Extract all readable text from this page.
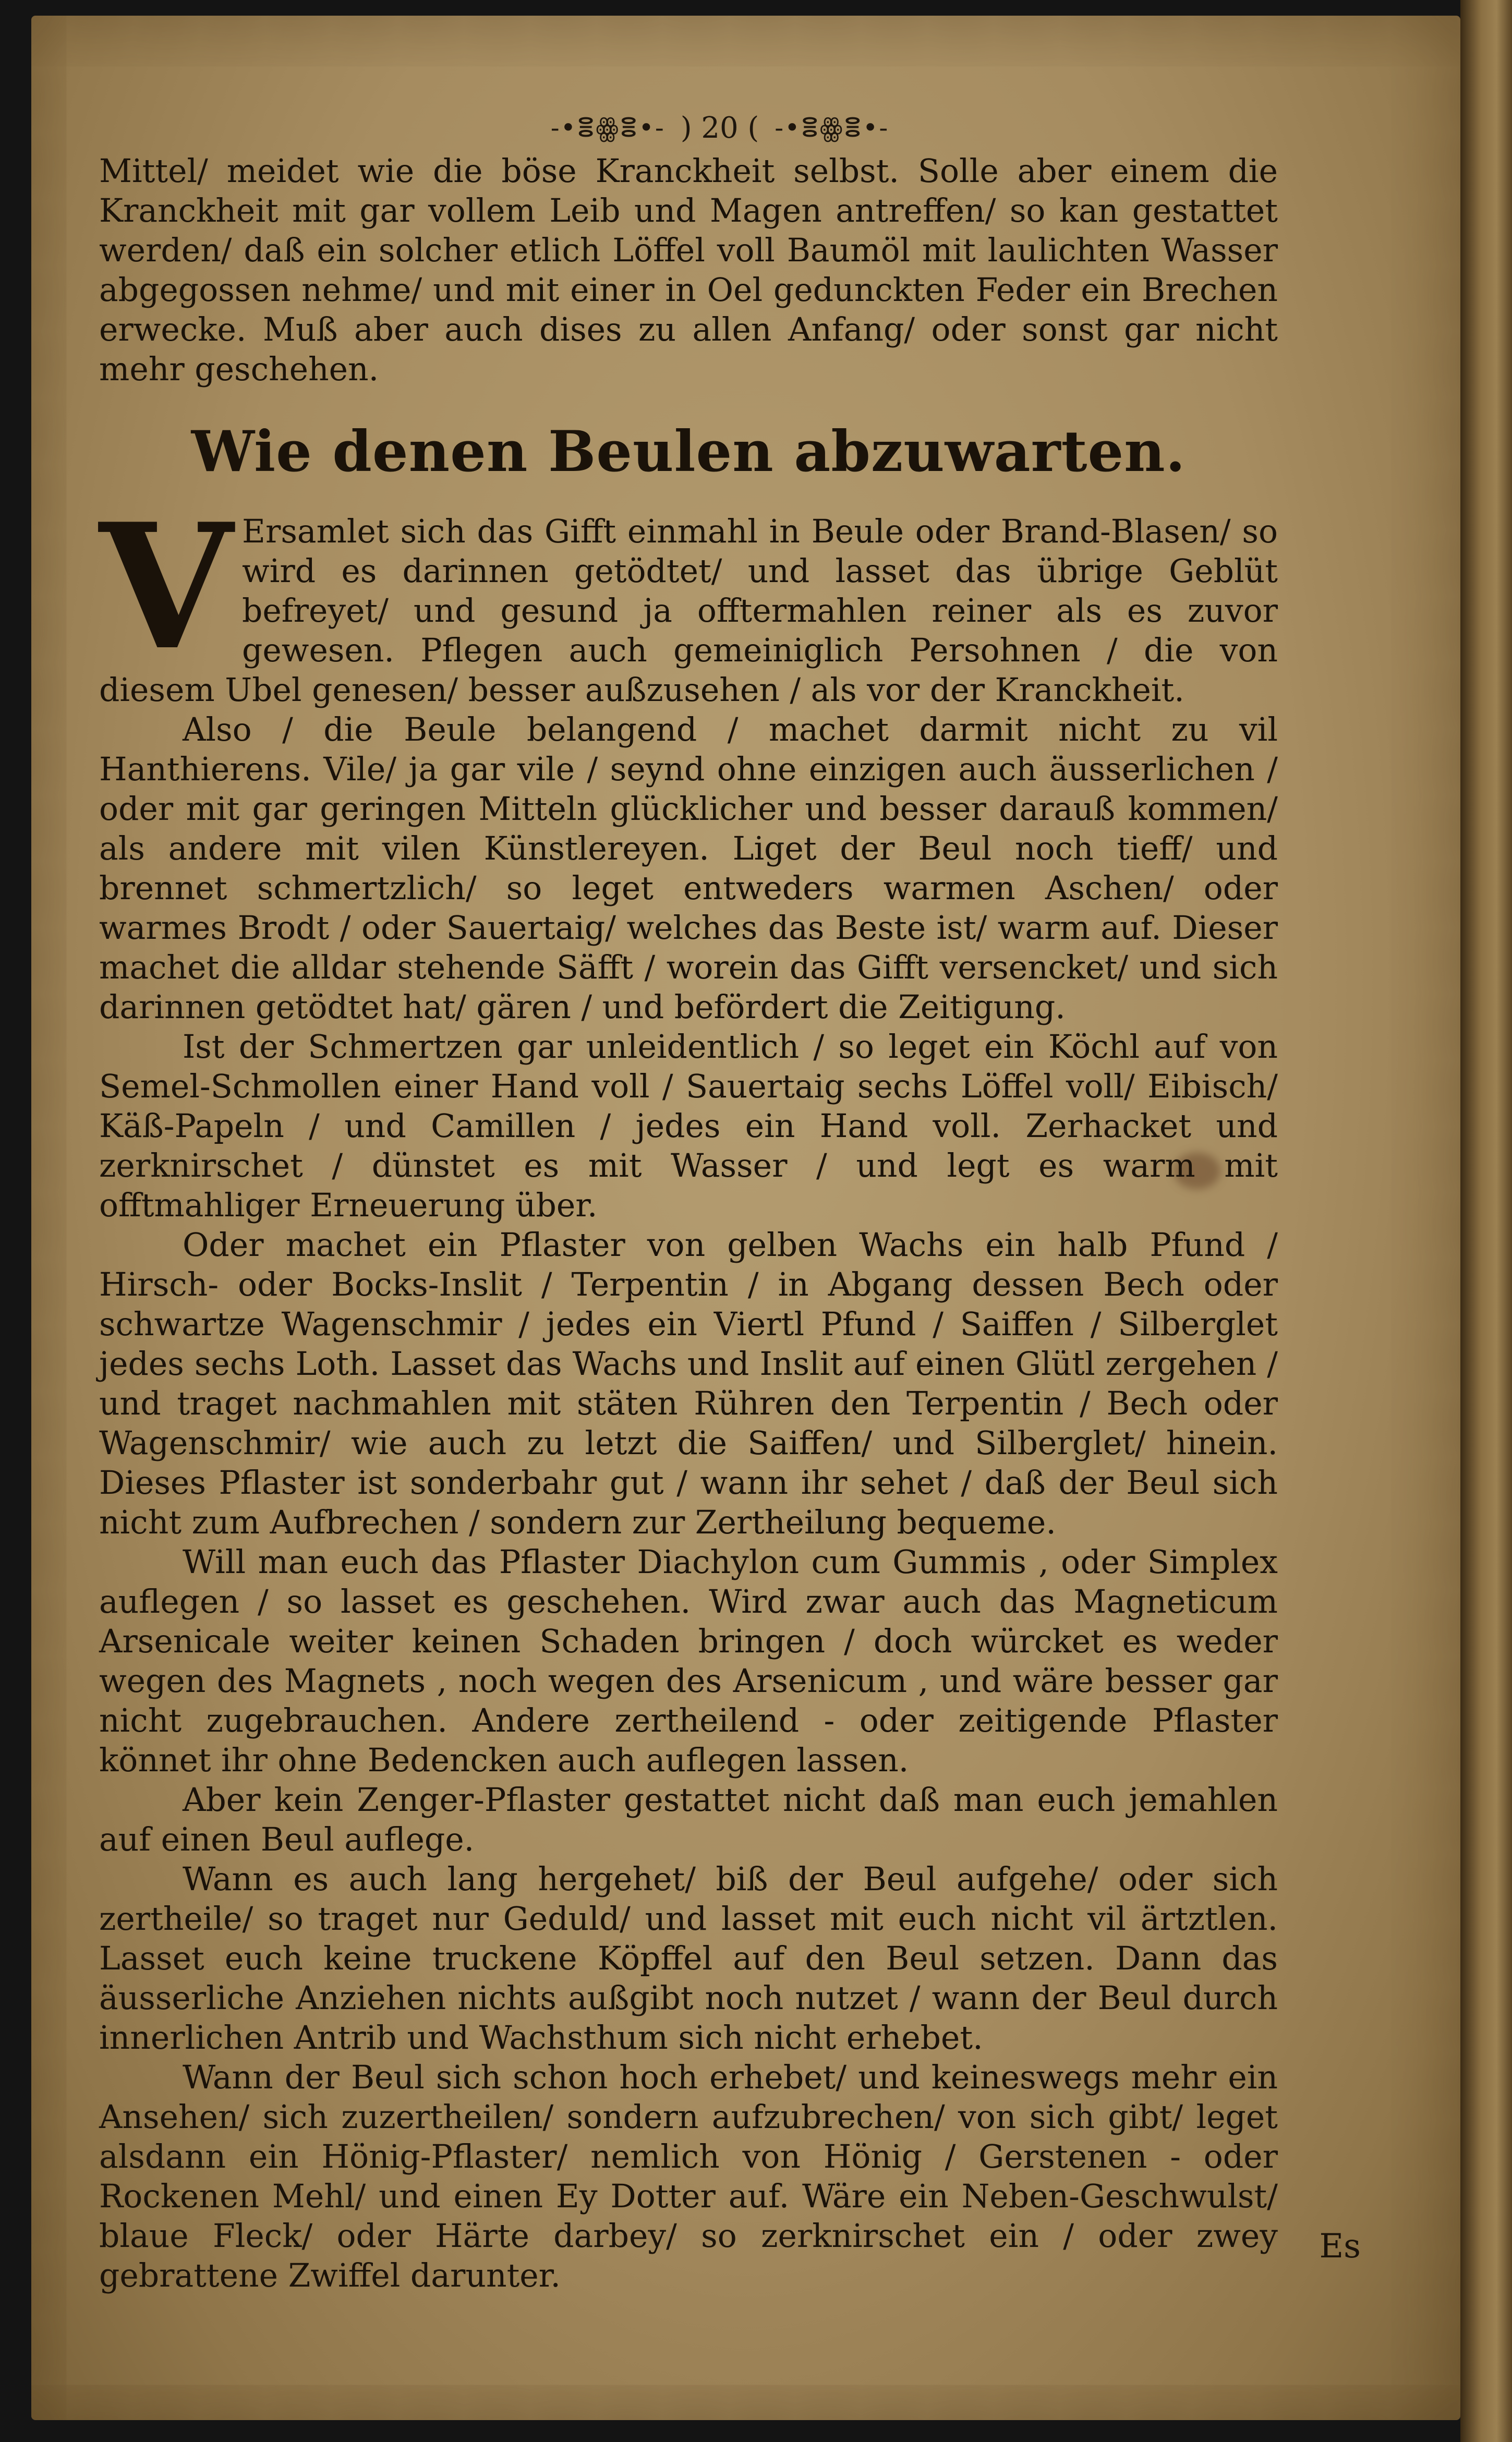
-•ⴻꙮⴻ•- ) 20 ( -•ⴻꙮⴻ•-

Mittel/ meidet wie die böse Kranckheit selbst. Solle aber einem die Kranckheit mit gar vollem Leib und Magen antreffen/ so kan gestattet werden/ daß ein solcher etlich Löffel voll Baumöl mit laulichten Wasser abgegossen nehme/ und mit einer in Oel gedunckten Feder ein Brechen erwecke. Muß aber auch dises zu allen Anfang/ oder sonst gar nicht mehr geschehen.

Wie denen Beulen abzuwarten.

V Ersamlet sich das Gifft einmahl in Beule oder Brand-Blasen/ so wird es darinnen getödtet/ und lasset das übrige Geblüt befreyet/ und gesund ja offtermahlen reiner als es zuvor gewesen. Pflegen auch gemeiniglich Persohnen / die von diesem Ubel genesen/ besser außzusehen / als vor der Kranckheit.

Also / die Beule belangend / machet darmit nicht zu vil Hanthierens. Vile/ ja gar vile / seynd ohne einzigen auch äusserlichen / oder mit gar geringen Mitteln glücklicher und besser darauß kommen/ als andere mit vilen Künstlereyen. Liget der Beul noch tieff/ und brennet schmertzlich/ so leget entweders warmen Aschen/ oder warmes Brodt / oder Sauertaig/ welches das Beste ist/ warm auf. Dieser machet die alldar stehende Säfft / worein das Gifft versencket/ und sich darinnen getödtet hat/ gären / und befördert die Zeitigung.

Ist der Schmertzen gar unleidentlich / so leget ein Köchl auf von Semel-Schmollen einer Hand voll / Sauertaig sechs Löffel voll/ Eibisch/ Käß-Papeln / und Camillen / jedes ein Hand voll. Zerhacket und zerknirschet / dünstet es mit Wasser / und legt es warm mit offtmahliger Erneuerung über.

Oder machet ein Pflaster von gelben Wachs ein halb Pfund / Hirsch- oder Bocks-Inslit / Terpentin / in Abgang dessen Bech oder schwartze Wagenschmir / jedes ein Viertl Pfund / Saiffen / Silberglet jedes sechs Loth. Lasset das Wachs und Inslit auf einen Glütl zergehen / und traget nachmahlen mit stäten Rühren den Terpentin / Bech oder Wagenschmir/ wie auch zu letzt die Saiffen/ und Silberglet/ hinein. Dieses Pflaster ist sonderbahr gut / wann ihr sehet / daß der Beul sich nicht zum Aufbrechen / sondern zur Zertheilung bequeme.

Will man euch das Pflaster Diachylon cum Gummis , oder Simplex auflegen / so lasset es geschehen. Wird zwar auch das Magneticum Arsenicale weiter keinen Schaden bringen / doch würcket es weder wegen des Magnets , noch wegen des Arsenicum , und wäre besser gar nicht zugebrauchen. Andere zertheilend - oder zeitigende Pflaster könnet ihr ohne Bedencken auch auflegen lassen.

Aber kein Zenger-Pflaster gestattet nicht daß man euch jemahlen auf einen Beul auflege.

Wann es auch lang hergehet/ biß der Beul aufgehe/ oder sich zertheile/ so traget nur Geduld/ und lasset mit euch nicht vil ärtztlen. Lasset euch keine truckene Köpffel auf den Beul setzen. Dann das äusserliche Anziehen nichts außgibt noch nutzet / wann der Beul durch innerlichen Antrib und Wachsthum sich nicht erhebet.

Wann der Beul sich schon hoch erhebet/ und keineswegs mehr ein Ansehen/ sich zuzertheilen/ sondern aufzubrechen/ von sich gibt/ leget alsdann ein Hönig-Pflaster/ nemlich von Hönig / Gerstenen - oder Rockenen Mehl/ und einen Ey Dotter auf. Wäre ein Neben-Geschwulst/ blaue Fleck/ oder Härte darbey/ so zerknirschet ein / oder zwey gebrattene Zwiffel darunter.

Es
